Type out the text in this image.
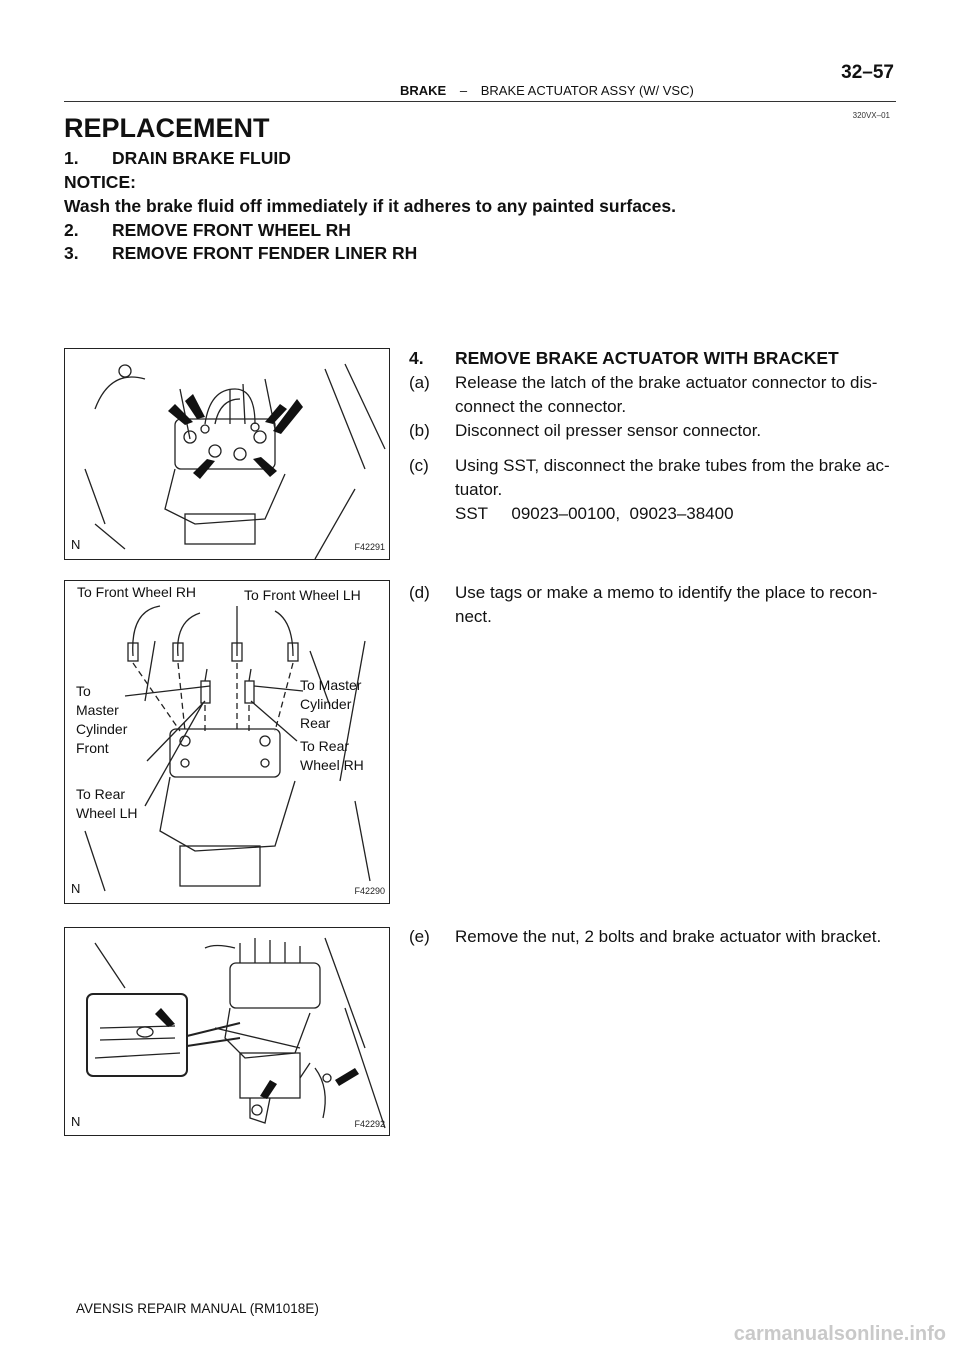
32–57
BRAKE – BRAKE ACTUATOR ASSY (W/ VSC)
320VX–01
REPLACEMENT
1. DRAIN BRAKE FLUID
NOTICE:
Wash the brake fluid off immediately if it adheres to any painted surfaces.
2. REMOVE FRONT WHEEL RH
3. REMOVE FRONT FENDER LINER RH
4. REMOVE BRAKE ACTUATOR WITH BRACKET
(a) Release the latch of the brake actuator connector to dis-
connect the connector.
(b) Disconnect oil presser sensor connector.
(c) Using SST, disconnect the brake tubes from the brake ac-
tuator.
SST     09023–00100,  09023–38400
(d) Use tags or make a memo to identify the place to recon-
nect.
(e) Remove the nut, 2 bolts and brake actuator with bracket.
N	F42291
To Front Wheel RH	To Front Wheel LH
To
Master
Cylinder
Front
To Master
Cylinder
Rear
To Rear
Wheel RH
To Rear
Wheel LH
N	F42290
N	F42292
AVENSIS REPAIR MANUAL (RM1018E)
carmanualsonline.info
